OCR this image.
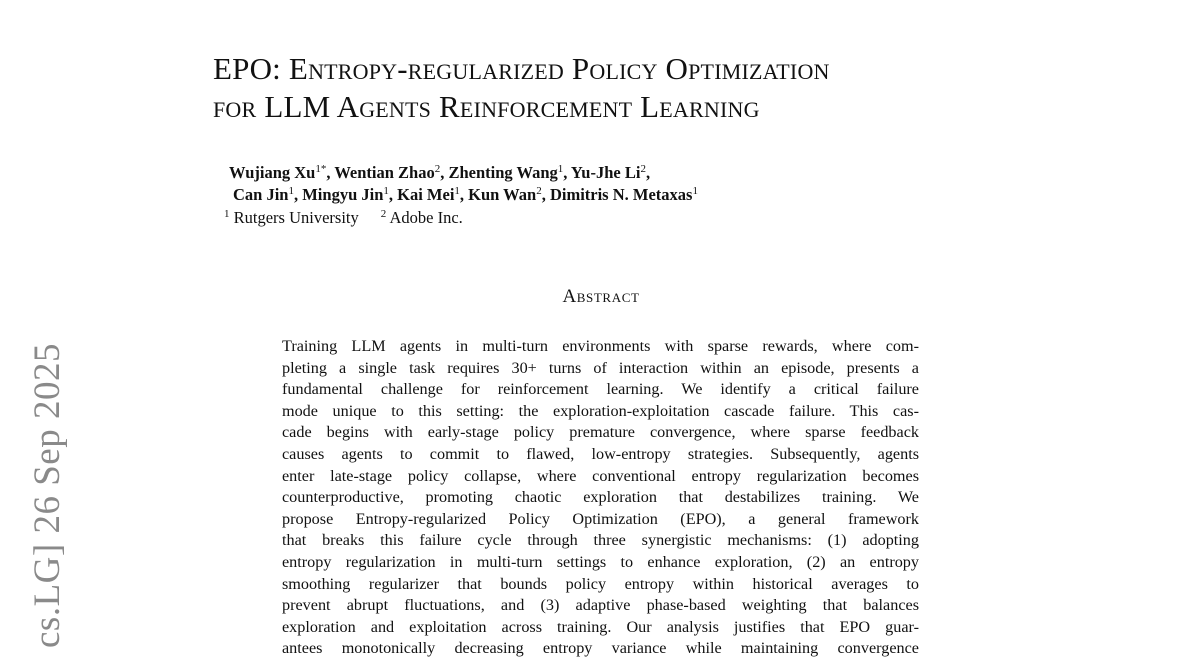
cs.LG] 26 Sep 2025
EPO: Entropy-regularized Policy Optimization
for LLM Agents Reinforcement Learning
Wujiang $Xu^{1*}$, Wentian Zhao$^2$, Zhenting Wang$^1$, Yu-Jhe Li$^2$,
Can Jin$^1$, Mingyu Jin$^1$, Kai Mei$^1$, Kun Wan$^2$, Dimitris N. Metaxas$^1$
$^1$ Rutgers University $^2$ Adobe Inc.
Abstract
Training LLM agents in multi-turn environments with sparse rewards, where com-
pleting a single task requires 30+ turns of interaction within an episode, presents a
fundamental challenge for reinforcement learning. We identify a critical failure
mode unique to this setting: the exploration-exploitation cascade failure. This cas-
cade begins with early-stage policy premature convergence, where sparse feedback
causes agents to commit to flawed, low-entropy strategies. Subsequently, agents
enter late-stage policy collapse, where conventional entropy regularization becomes
counterproductive, promoting chaotic exploration that destabilizes training. We
propose Entropy-regularized Policy Optimization (EPO), a general framework
that breaks this failure cycle through three synergistic mechanisms: (1) adopting
entropy regularization in multi-turn settings to enhance exploration, (2) an entropy
smoothing regularizer that bounds policy entropy within historical averages to
prevent abrupt fluctuations, and (3) adaptive phase-based weighting that balances
exploration and exploitation across training. Our analysis justifies that EPO guar-
antees monotonically decreasing entropy variance while maintaining convergence
